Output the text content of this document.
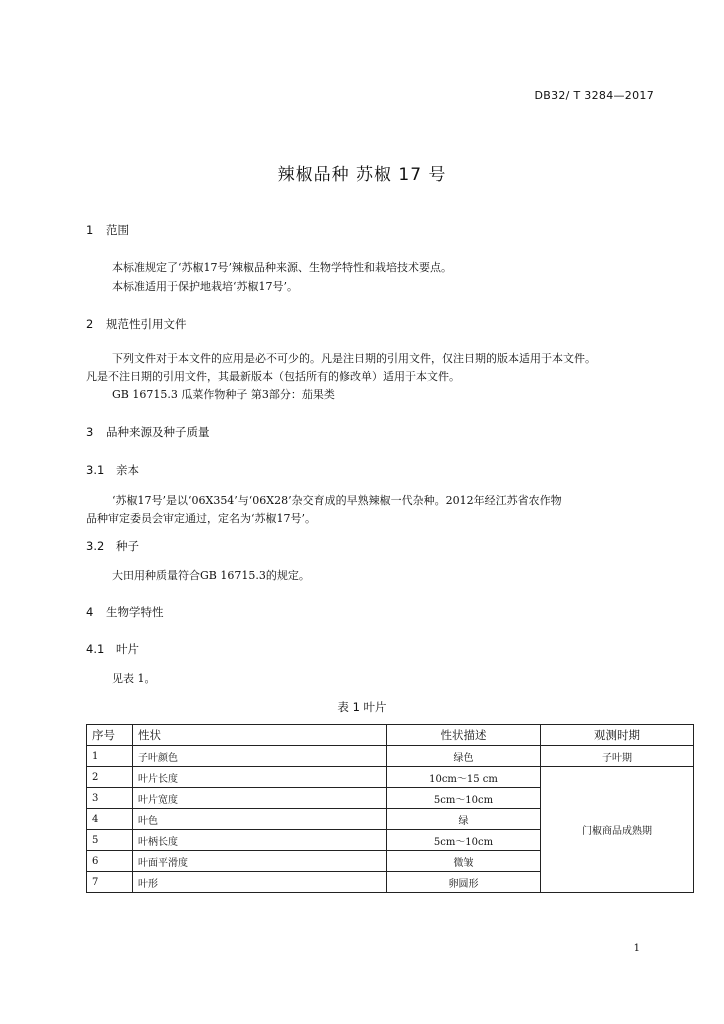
DB32/ T 3284—2017
辣椒品种 苏椒 17 号
1 范围
本标准规定了‘苏椒17号’辣椒品种来源、生物学特性和栽培技术要点。
本标准适用于保护地栽培‘苏椒17号’。
2 规范性引用文件
下列文件对于本文件的应用是必不可少的。凡是注日期的引用文件，仅注日期的版本适用于本文件。
凡是不注日期的引用文件，其最新版本（包括所有的修改单）适用于本文件。
GB 16715.3 瓜菜作物种子 第3部分：茄果类
3 品种来源及种子质量
3.1 亲本
‘苏椒17号’是以‘06X354’与‘06X28’杂交育成的早熟辣椒一代杂种。2012年经江苏省农作物
品种审定委员会审定通过，定名为‘苏椒17号’。
3.2 种子
大田用种质量符合GB 16715.3的规定。
4 生物学特性
4.1 叶片
见表 1。
表 1 叶片
序号	性状	性状描述	观测时期
1	子叶颜色	绿色	子叶期
2	叶片长度	10cm～15 cm	门椒商品成熟期
3	叶片宽度	5cm～10cm	
4	叶色	绿	
5	叶柄长度	5cm～10cm	
6	叶面平滑度	微皱	
7	叶形	卵圆形	
1
